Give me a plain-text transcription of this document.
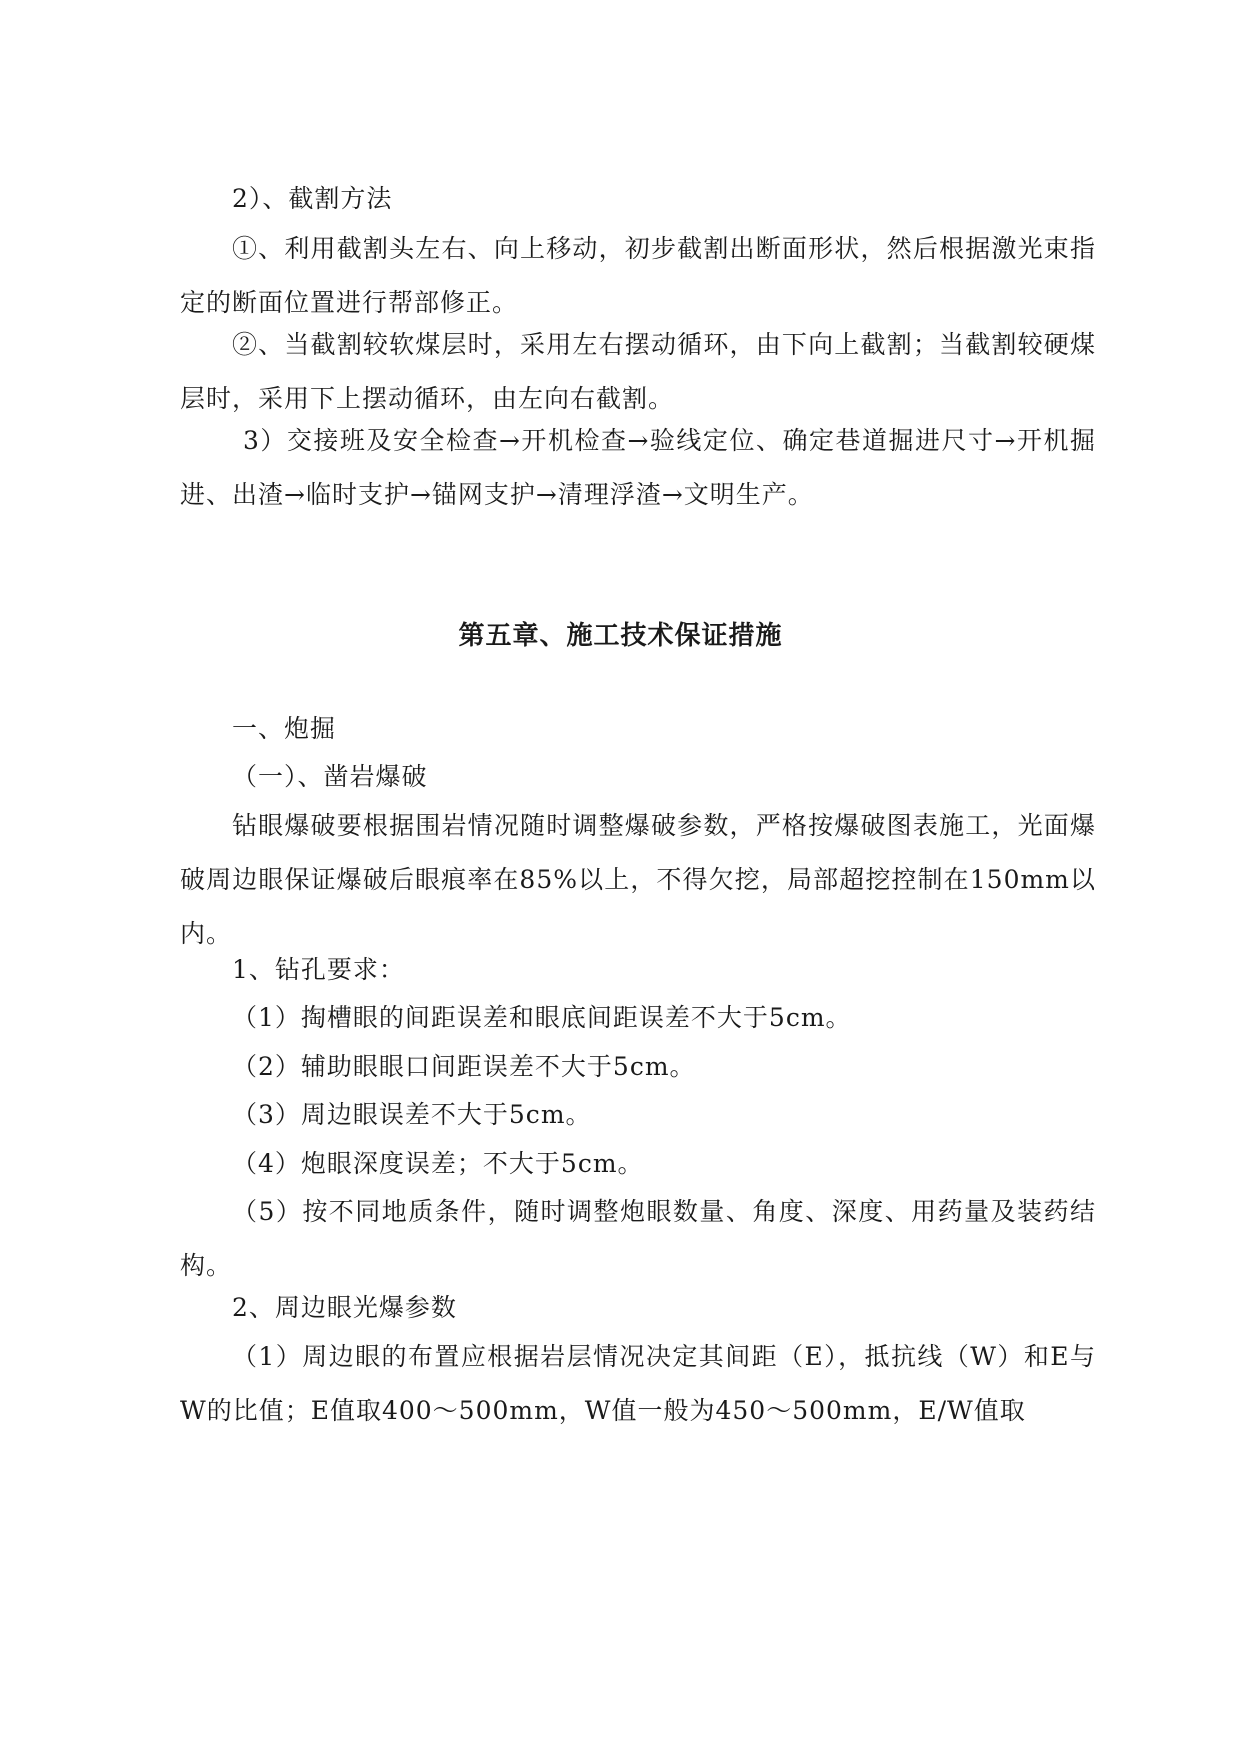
2）、截割方法
①、利用截割头左右、向上移动，初步截割出断面形状，然后根据激光束指定的断面位置进行帮部修正。
②、当截割较软煤层时，采用左右摆动循环，由下向上截割；当截割较硬煤层时，采用下上摆动循环，由左向右截割。
3）交接班及安全检查→开机检查→验线定位、确定巷道掘进尺寸→开机掘进、出渣→临时支护→锚网支护→清理浮渣→文明生产。
第五章、施工技术保证措施
一、炮掘
（一）、凿岩爆破
钻眼爆破要根据围岩情况随时调整爆破参数，严格按爆破图表施工，光面爆破周边眼保证爆破后眼痕率在85%以上，不得欠挖，局部超挖控制在150mm以内。
1、钻孔要求：
（1）掏槽眼的间距误差和眼底间距误差不大于5cm。
（2）辅助眼眼口间距误差不大于5cm。
（3）周边眼误差不大于5cm。
（4）炮眼深度误差；不大于5cm。
（5）按不同地质条件，随时调整炮眼数量、角度、深度、用药量及装药结构。
2、周边眼光爆参数
（1）周边眼的布置应根据岩层情况决定其间距（E），抵抗线（W）和E与W的比值；E值取400～500mm，W值一般为450～500mm，E/W值取
